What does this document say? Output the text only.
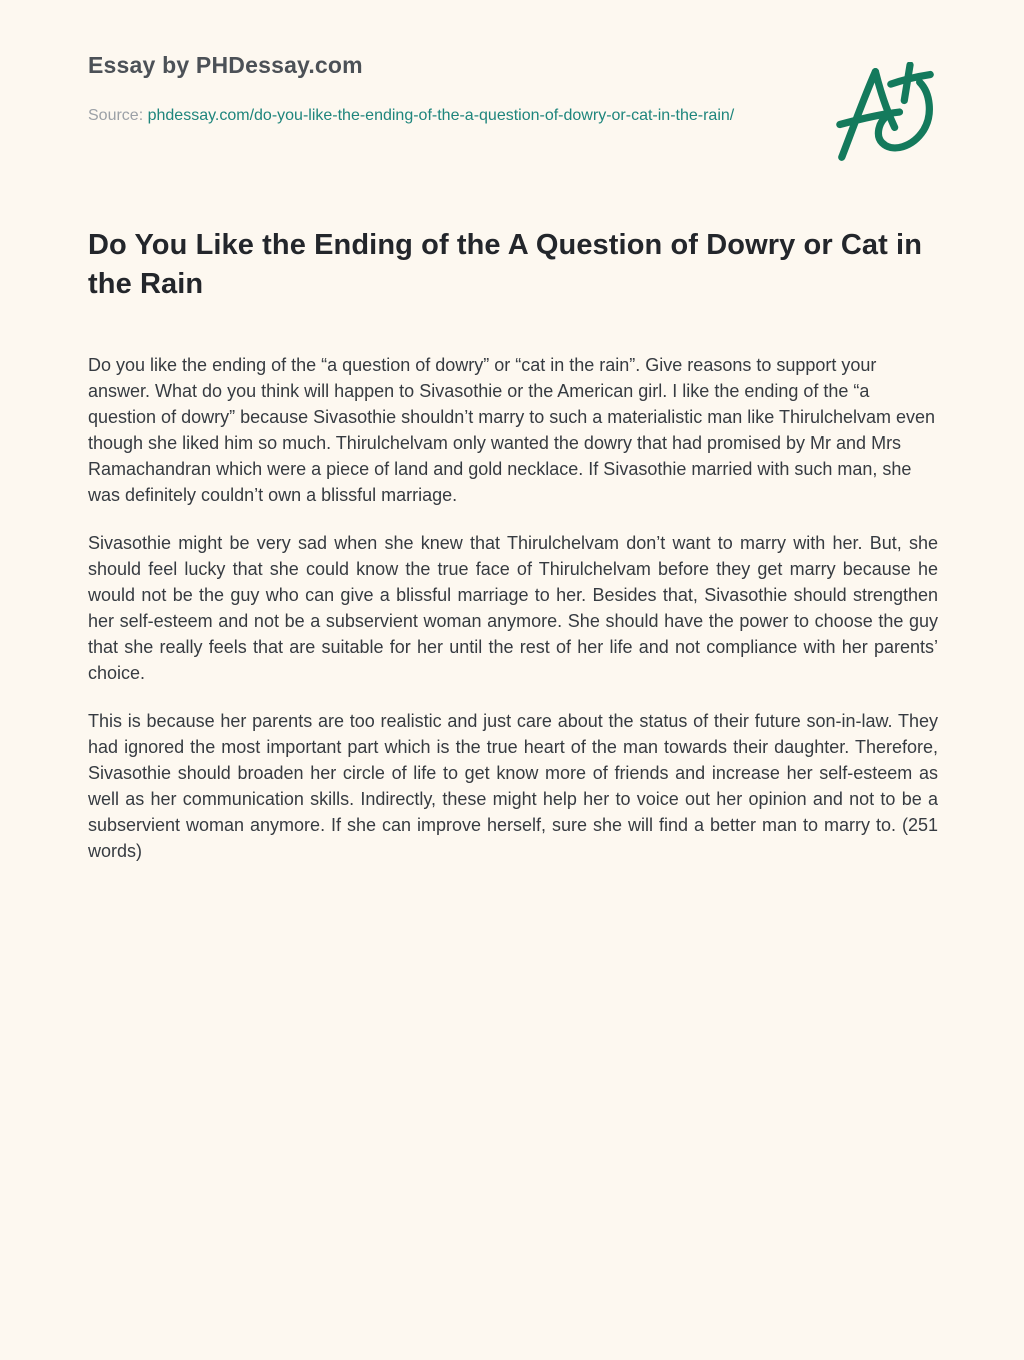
Essay by PHDessay.com
Source: phdessay.com/do-you-like-the-ending-of-the-a-question-of-dowry-or-cat-in-the-rain/
Do You Like the Ending of the A Question of Dowry or Cat in the Rain

Do you like the ending of the “a question of dowry” or “cat in the rain”. Give reasons to support your answer. What do you think will happen to Sivasothie or the American girl. I like the ending of the “a question of dowry” because Sivasothie shouldn’t marry to such a materialistic man like Thirulchelvam even though she liked him so much. Thirulchelvam only wanted the dowry that had promised by Mr and Mrs Ramachandran which were a piece of land and gold necklace. If Sivasothie married with such man, she was definitely couldn’t own a blissful marriage.

Sivasothie might be very sad when she knew that Thirulchelvam don’t want to marry with her. But, she should feel lucky that she could know the true face of Thirulchelvam before they get marry because he would not be the guy who can give a blissful marriage to her. Besides that, Sivasothie should strengthen her self-esteem and not be a subservient woman anymore. She should have the power to choose the guy that she really feels that are suitable for her until the rest of her life and not compliance with her parents’ choice.

This is because her parents are too realistic and just care about the status of their future son-in-law. They had ignored the most important part which is the true heart of the man towards their daughter. Therefore, Sivasothie should broaden her circle of life to get know more of friends and increase her self-esteem as well as her communication skills. Indirectly, these might help her to voice out her opinion and not to be a subservient woman anymore. If she can improve herself, sure she will find a better man to marry to. (251 words)
